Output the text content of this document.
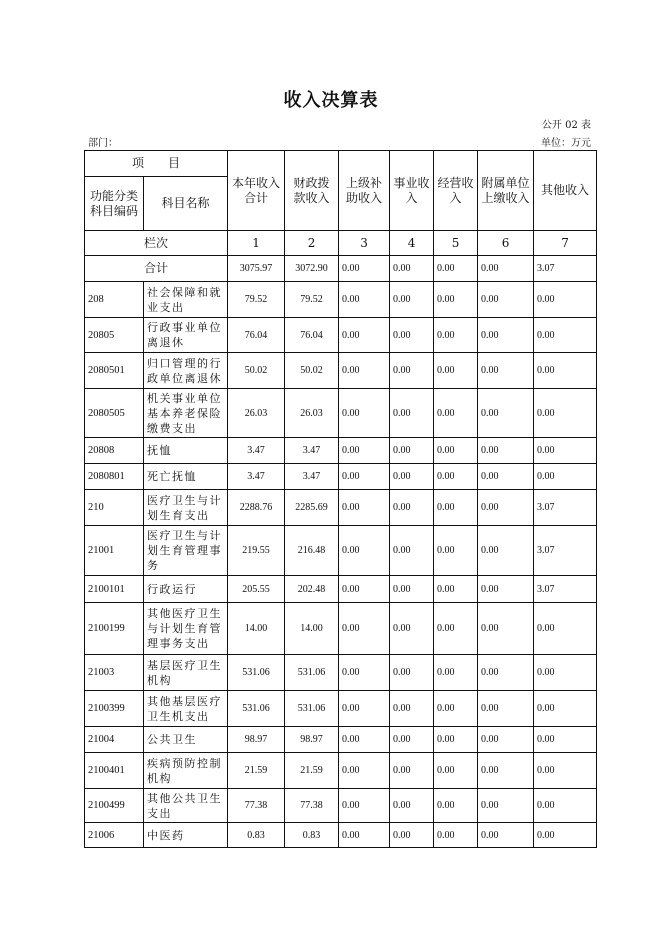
收入决算表
公开 02 表
部门：	单位：万元
项　　目		本年收入合计	财政拨款收入	上级补助收入	事业收入	经营收入	附属单位上缴收入	其他收入
功能分类科目编码	科目名称							
栏次		1	2	3	4	5	6	7
合计		3075.97	3072.90	0.00	0.00	0.00	0.00	3.07
208	社会保障和就业支出	79.52	79.52	0.00	0.00	0.00	0.00	0.00
20805	行政事业单位离退休	76.04	76.04	0.00	0.00	0.00	0.00	0.00
2080501	归口管理的行政单位离退休	50.02	50.02	0.00	0.00	0.00	0.00	0.00
2080505	机关事业单位基本养老保险缴费支出	26.03	26.03	0.00	0.00	0.00	0.00	0.00
20808	抚恤	3.47	3.47	0.00	0.00	0.00	0.00	0.00
2080801	死亡抚恤	3.47	3.47	0.00	0.00	0.00	0.00	0.00
210	医疗卫生与计划生育支出	2288.76	2285.69	0.00	0.00	0.00	0.00	3.07
21001	医疗卫生与计划生育管理事务	219.55	216.48	0.00	0.00	0.00	0.00	3.07
2100101	行政运行	205.55	202.48	0.00	0.00	0.00	0.00	3.07
2100199	其他医疗卫生与计划生育管理事务支出	14.00	14.00	0.00	0.00	0.00	0.00	0.00
21003	基层医疗卫生机构	531.06	531.06	0.00	0.00	0.00	0.00	0.00
2100399	其他基层医疗卫生机支出	531.06	531.06	0.00	0.00	0.00	0.00	0.00
21004	公共卫生	98.97	98.97	0.00	0.00	0.00	0.00	0.00
2100401	疾病预防控制机构	21.59	21.59	0.00	0.00	0.00	0.00	0.00
2100499	其他公共卫生支出	77.38	77.38	0.00	0.00	0.00	0.00	0.00
21006	中医药	0.83	0.83	0.00	0.00	0.00	0.00	0.00
